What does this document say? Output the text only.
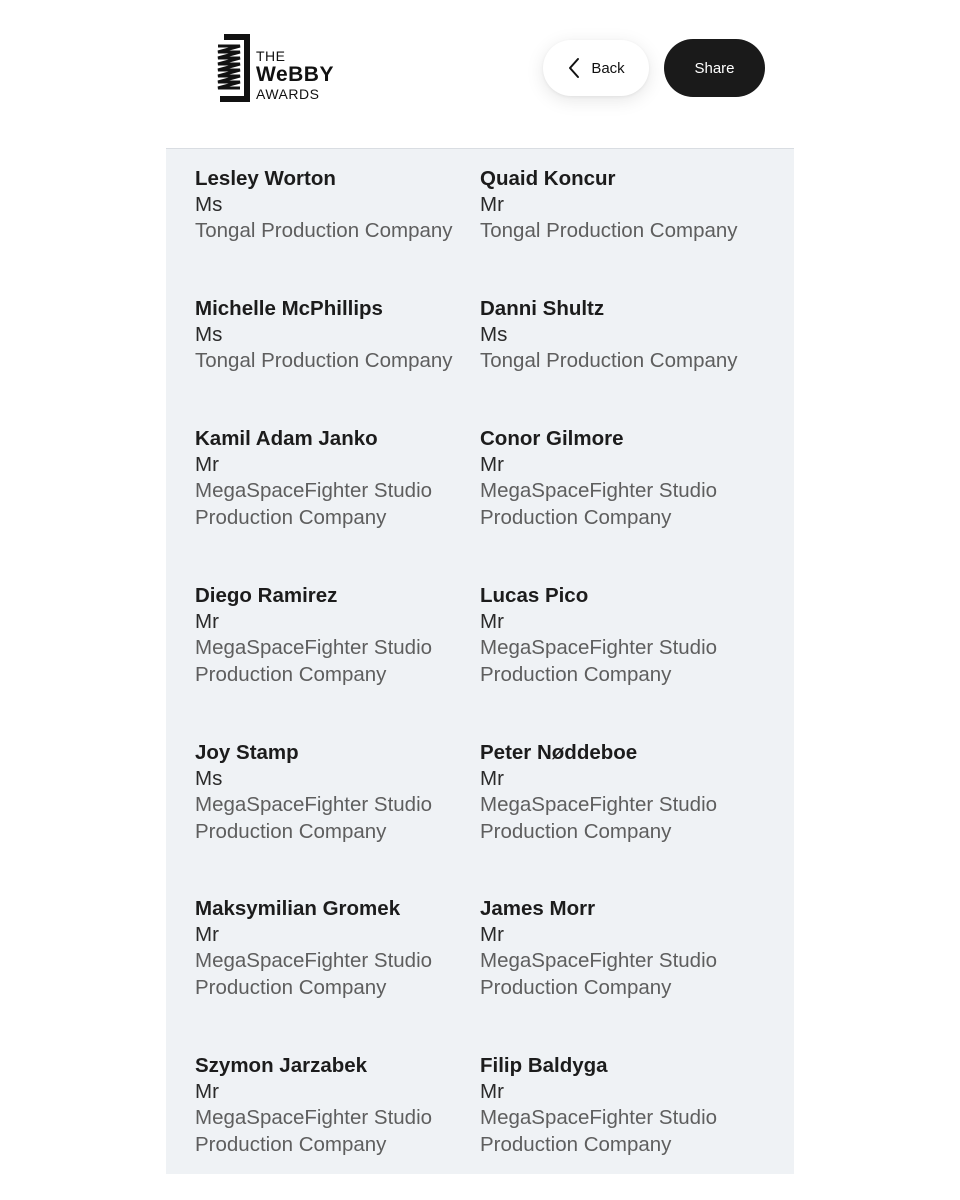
THE
WeBBY
AWARDS
Back	Share
Lesley Worton
Ms
Tongal Production Company
Quaid Koncur
Mr
Tongal Production Company
Michelle McPhillips
Ms
Tongal Production Company
Danni Shultz
Ms
Tongal Production Company
Kamil Adam Janko
Mr
MegaSpaceFighter Studio Production Company
Conor Gilmore
Mr
MegaSpaceFighter Studio Production Company
Diego Ramirez
Mr
MegaSpaceFighter Studio Production Company
Lucas Pico
Mr
MegaSpaceFighter Studio Production Company
Joy Stamp
Ms
MegaSpaceFighter Studio Production Company
Peter Nøddeboe
Mr
MegaSpaceFighter Studio Production Company
Maksymilian Gromek
Mr
MegaSpaceFighter Studio Production Company
James Morr
Mr
MegaSpaceFighter Studio Production Company
Szymon Jarzabek
Mr
MegaSpaceFighter Studio Production Company
Filip Baldyga
Mr
MegaSpaceFighter Studio Production Company
